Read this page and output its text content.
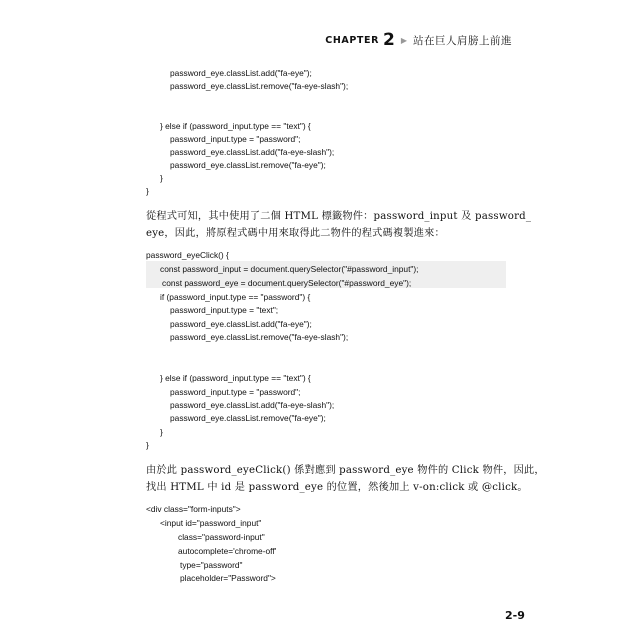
CHAPTER 2 ▶ 站在巨人肩膀上前進
password_eye.classList.add("fa-eye");
password_eye.classList.remove("fa-eye-slash");
} else if (password_input.type == "text") {
password_input.type = "password";
password_eye.classList.add("fa-eye-slash");
password_eye.classList.remove("fa-eye");
}
}
從程式可知，其中使用了二個 HTML 標籤物件：password_input 及 password_
eye，因此，將原程式碼中用來取得此二物件的程式碼複製進來：
password_eyeClick() {
const password_input = document.querySelector("#password_input");
const password_eye = document.querySelector("#password_eye");
if (password_input.type == "password") {
password_input.type = "text";
password_eye.classList.add("fa-eye");
password_eye.classList.remove("fa-eye-slash");
} else if (password_input.type == "text") {
password_input.type = "password";
password_eye.classList.add("fa-eye-slash");
password_eye.classList.remove("fa-eye");
}
}
由於此 password_eyeClick() 係對應到 password_eye 物件的 Click 物件，因此，
找出 HTML 中 id 是 password_eye 的位置，然後加上 v-on:click 或 @click。
<div class="form-inputs">
<input id="password_input"
class="password-input"
autocomplete='chrome-off'
type="password"
placeholder="Password">
2-9
